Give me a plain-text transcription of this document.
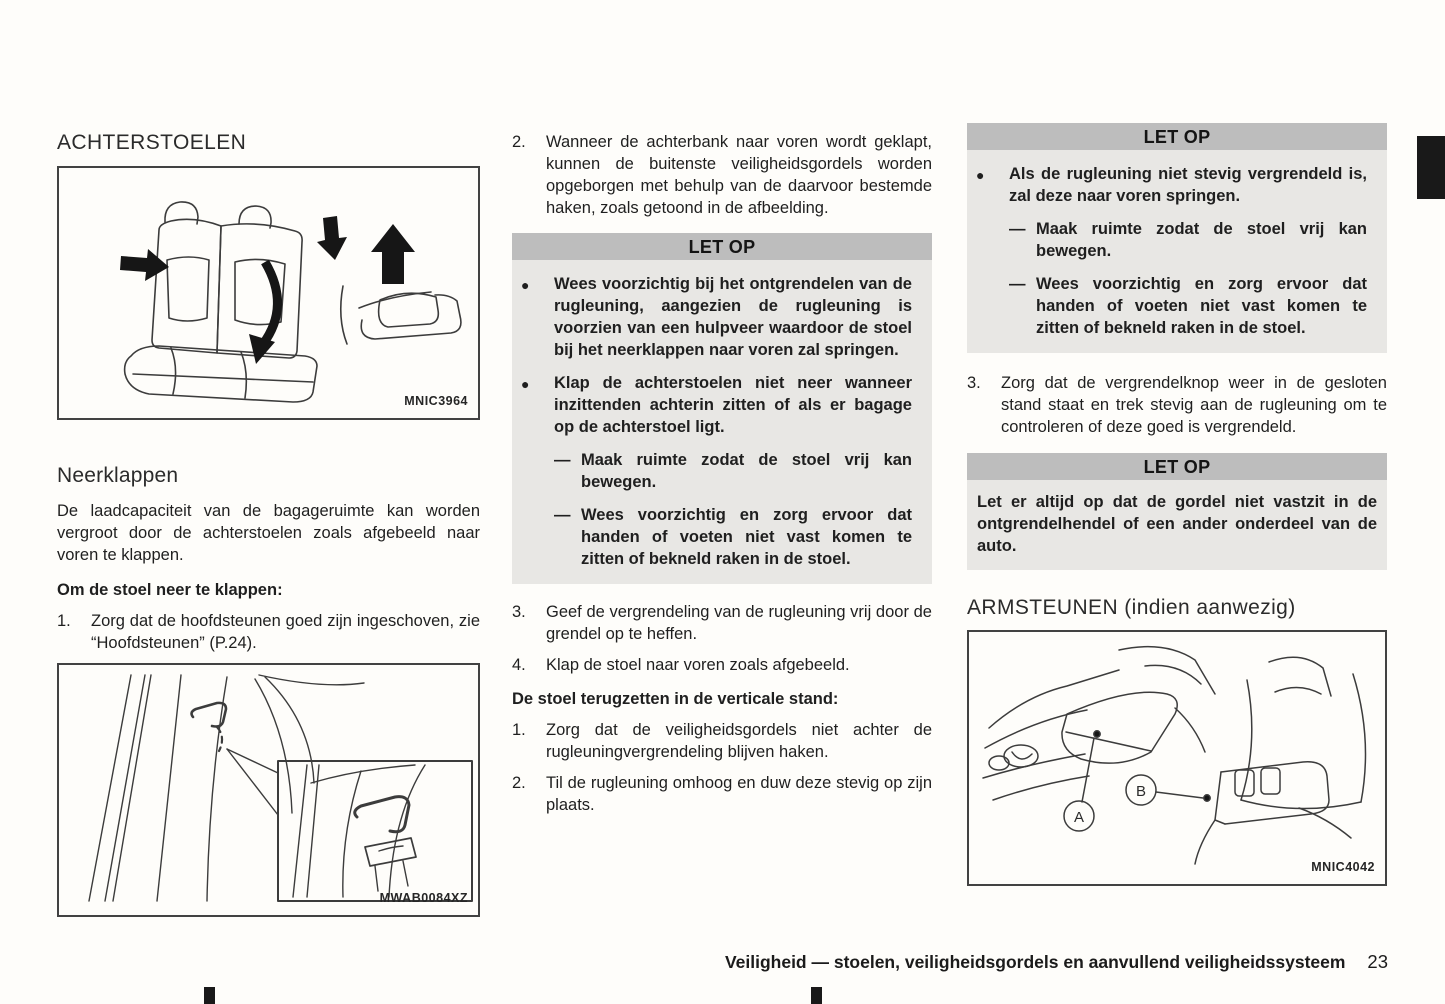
ACHTERSTOELEN
MNIC3964
Neerklappen

De laadcapaciteit van de bagageruimte kan worden vergroot door de achterstoelen zoals afgebeeld naar voren te klappen.

Om de stoel neer te klappen:

1. Zorg dat de hoofdsteunen goed zijn ingeschoven, zie “Hoofdsteunen” (P.24).
MWAB0084XZ
2. Wanneer de achterbank naar voren wordt geklapt, kunnen de buitenste veiligheidsgordels worden opgeborgen met behulp van de daarvoor bestemde haken, zoals getoond in de afbeelding.
LET OP
● Wees voorzichtig bij het ontgrendelen van de rugleuning, aangezien de rugleuning is voorzien van een hulpveer waardoor de stoel bij het neerklappen naar voren zal springen.
● Klap de achterstoelen niet neer wanneer inzittenden achterin zitten of als er bagage op de achterstoel ligt.
— Maak ruimte zodat de stoel vrij kan bewegen.
— Wees voorzichtig en zorg ervoor dat handen of voeten niet vast komen te zitten of bekneld raken in de stoel.
3. Geef de vergrendeling van de rugleuning vrij door de grendel op te heffen.
4. Klap de stoel naar voren zoals afgebeeld.

De stoel terugzetten in de verticale stand:

1. Zorg dat de veiligheidsgordels niet achter de rugleuningvergrendeling blijven haken.
2. Til de rugleuning omhoog en duw deze stevig op zijn plaats.
LET OP
● Als de rugleuning niet stevig vergrendeld is, zal deze naar voren springen.
— Maak ruimte zodat de stoel vrij kan bewegen.
— Wees voorzichtig en zorg ervoor dat handen of voeten niet vast komen te zitten of bekneld raken in de stoel.
3. Zorg dat de vergrendelknop weer in de gesloten stand staat en trek stevig aan de rugleuning om te controleren of deze goed is vergrendeld.
LET OP
Let er altijd op dat de gordel niet vastzit in de ontgrendelhendel of een ander onderdeel van de auto.
ARMSTEUNEN (indien aanwezig)
A
B
MNIC4042
Veiligheid — stoelen, veiligheidsgordels en aanvullend veiligheidssysteem 23
